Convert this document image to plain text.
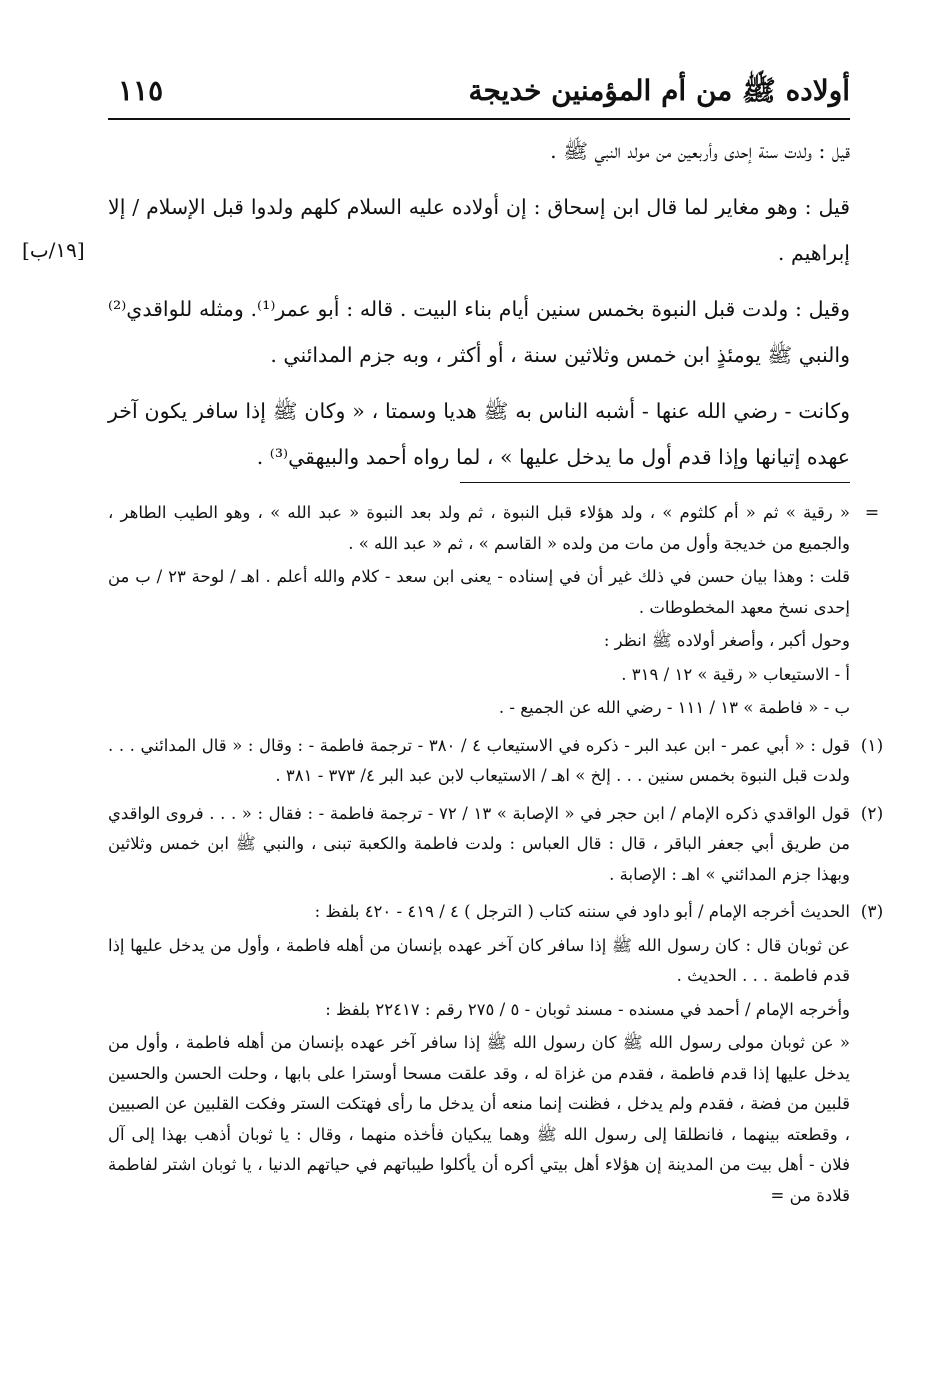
أولاده ﷺ من أم المؤمنين خديجة
١١٥
[١٩/ب]

قيل : ولدت سنة إحدى وأربعين من مولد النبي ﷺ .

قيل : وهو مغاير لما قال ابن إسحاق : إن أولاده عليه السلام كلهم ولدوا قبل الإسلام / إلا إبراهيم .

وقيل : ولدت قبل النبوة بخمس سنين أيام بناء البيت . قاله : أبو عمر⁽¹⁾. ومثله للواقدي⁽²⁾والنبي ﷺ يومئذٍ ابن خمس وثلاثين سنة ، أو أكثر ، وبه جزم المدائني .

وكانت - رضي الله عنها - أشبه الناس به ﷺ هديا وسمتا ، « وكان ﷺ إذا سافر يكون آخر عهده إتيانها وإذا قدم أول ما يدخل عليها » ، لما رواه أحمد والبيهقي⁽³⁾ .

=

« رقية » ثم « أم كلثوم » ، ولد هؤلاء قبل النبوة ، ثم ولد بعد النبوة « عبد الله » ، وهو الطيب الطاهر ، والجميع من خديجة وأول من مات من ولده « القاسم » ، ثم « عبد الله » .

قلت : وهذا بيان حسن في ذلك غير أن في إسناده - يعنى ابن سعد - كلام والله أعلم . اهـ / لوحة ٢٣ / ب من إحدى نسخ معهد المخطوطات .

وحول أكبر ، وأصغر أولاده ﷺ انظر :

أ - الاستيعاب « رقية » ١٢ / ٣١٩ .

ب - « فاطمة » ١٣ / ١١١ - رضي الله عن الجميع - .

(١)

قول : « أبي عمر - ابن عبد البر - ذكره في الاستيعاب ٤ / ٣٨٠ - ترجمة فاطمة - : وقال : « قال المدائني . . . ولدت قبل النبوة بخمس سنين . . . إلخ » اهـ / الاستيعاب لابن عبد البر ٤/ ٣٧٣ - ٣٨١ .

(٢)

قول الواقدي ذكره الإمام / ابن حجر في « الإصابة » ١٣ / ٧٢ - ترجمة فاطمة - : فقال : « . . . فروى الواقدي من طريق أبي جعفر الباقر ، قال : قال العباس : ولدت فاطمة والكعبة تبنى ، والنبي ﷺ ابن خمس وثلاثين وبهذا جزم المدائني » اهـ : الإصابة .

(٣)

الحديث أخرجه الإمام / أبو داود في سننه كتاب ( الترجل ) ٤ / ٤١٩ - ٤٢٠ بلفظ :

عن ثوبان قال : كان رسول الله ﷺ إذا سافر كان آخر عهده بإنسان من أهله فاطمة ، وأول من يدخل عليها إذا قدم فاطمة . . . الحديث .

وأخرجه الإمام / أحمد في مسنده - مسند ثوبان - ٥ / ٢٧٥ رقم : ٢٢٤١٧ بلفظ :

« عن ثوبان مولى رسول الله ﷺ كان رسول الله ﷺ إذا سافر آخر عهده بإنسان من أهله فاطمة ، وأول من يدخل عليها إذا قدم فاطمة ، فقدم من غزاة له ، وقد علقت مسحا أوسترا على بابها ، وحلت الحسن والحسين قلبين من فضة ، فقدم ولم يدخل ، فظنت إنما منعه أن يدخل ما رأى فهتكت الستر وفكت القلبين عن الصبيين ، وقطعته بينهما ، فانطلقا إلى رسول الله ﷺ وهما يبكيان فأخذه منهما ، وقال : يا ثوبان أذهب بهذا إلى آل فلان - أهل بيت من المدينة إن هؤلاء أهل بيتي أكره أن يأكلوا طيباتهم في حياتهم الدنيا ، يا ثوبان اشتر لفاطمة قلادة من =
